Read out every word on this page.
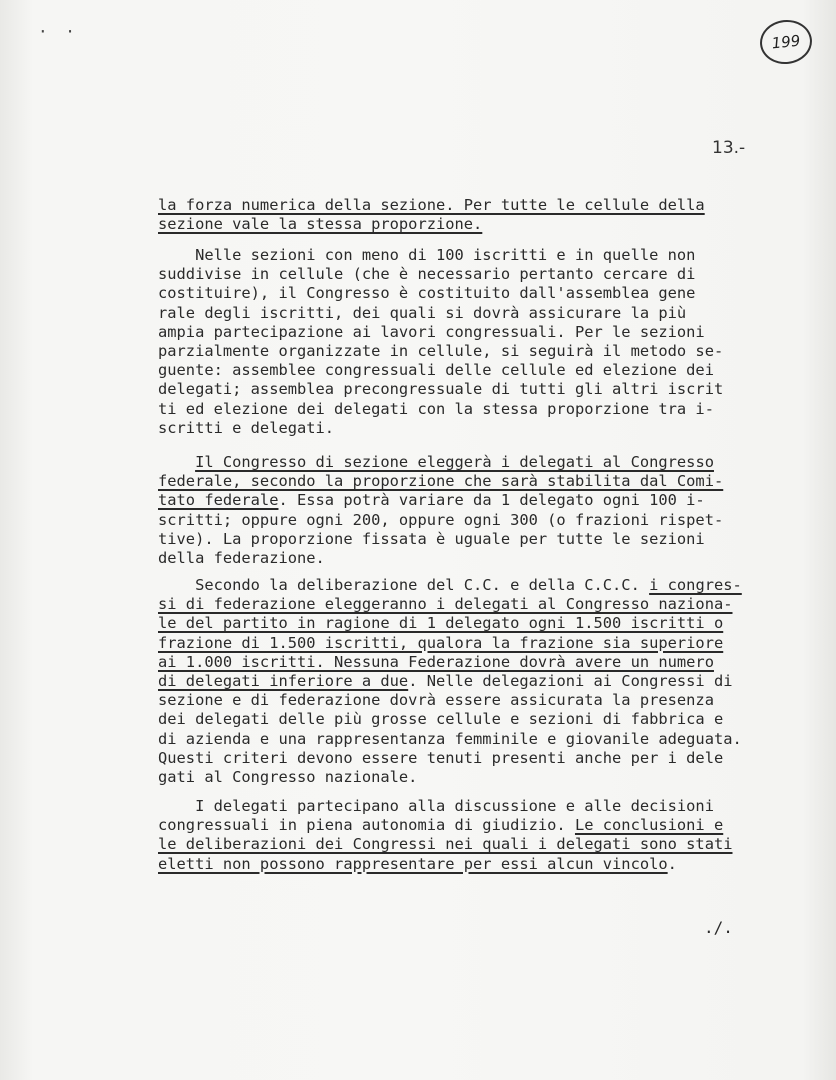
· ·
199
13.-
la forza numerica della sezione. Per tutte le cellule della
sezione vale la stessa proporzione.
Nelle sezioni con meno di 100 iscritti e in quelle non
suddivise in cellule (che è necessario pertanto cercare di
costituire), il Congresso è costituito dall'assemblea gene
rale degli iscritti, dei quali si dovrà assicurare la più
ampia partecipazione ai lavori congressuali. Per le sezioni
parzialmente organizzate in cellule, si seguirà il metodo se-
guente: assemblee congressuali delle cellule ed elezione dei
delegati; assemblea precongressuale di tutti gli altri iscrit
ti ed elezione dei delegati con la stessa proporzione tra i-
scritti e delegati.
Il Congresso di sezione eleggerà i delegati al Congresso
federale, secondo la proporzione che sarà stabilita dal Comi-
tato federale. Essa potrà variare da 1 delegato ogni 100 i-
scritti; oppure ogni 200, oppure ogni 300 (o frazioni rispet-
tive). La proporzione fissata è uguale per tutte le sezioni
della federazione.
Secondo la deliberazione del C.C. e della C.C.C. i congres-
si di federazione eleggeranno i delegati al Congresso naziona-
le del partito in ragione di 1 delegato ogni 1.500 iscritti o
frazione di 1.500 iscritti, qualora la frazione sia superiore
ai 1.000 iscritti. Nessuna Federazione dovrà avere un numero
di delegati inferiore a due. Nelle delegazioni ai Congressi di
sezione e di federazione dovrà essere assicurata la presenza
dei delegati delle più grosse cellule e sezioni di fabbrica e
di azienda e una rappresentanza femminile e giovanile adeguata.
Questi criteri devono essere tenuti presenti anche per i dele
gati al Congresso nazionale.
I delegati partecipano alla discussione e alle decisioni
congressuali in piena autonomia di giudizio. Le conclusioni e
le deliberazioni dei Congressi nei quali i delegati sono stati
eletti non possono rappresentare per essi alcun vincolo.
./.
